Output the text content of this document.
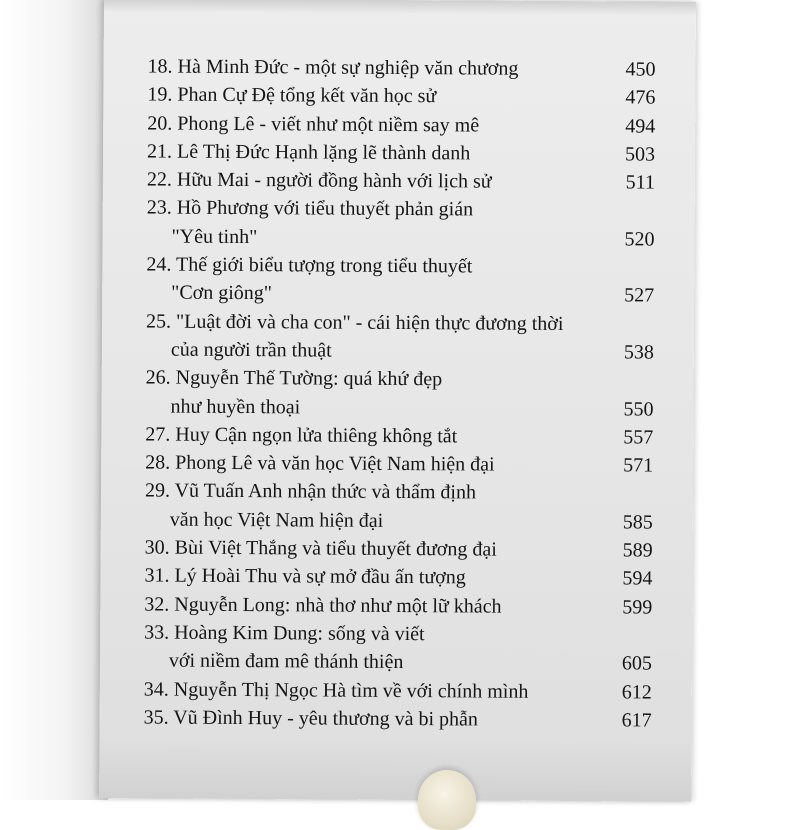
18. Hà Minh Đức - một sự nghiệp văn chương	450
19. Phan Cự Đệ tổng kết văn học sử	476
20. Phong Lê - viết như một niềm say mê	494
21. Lê Thị Đức Hạnh lặng lẽ thành danh	503
22. Hữu Mai - người đồng hành với lịch sử	511
23. Hồ Phương với tiểu thuyết phản gián
"Yêu tinh"	520
24. Thế giới biểu tượng trong tiểu thuyết
"Cơn giông"	527
25. "Luật đời và cha con" - cái hiện thực đương thời
của người trần thuật	538
26. Nguyễn Thế Tường: quá khứ đẹp
như huyền thoại	550
27. Huy Cận ngọn lửa thiêng không tắt	557
28. Phong Lê và văn học Việt Nam hiện đại	571
29. Vũ Tuấn Anh nhận thức và thẩm định
văn học Việt Nam hiện đại	585
30. Bùi Việt Thắng và tiểu thuyết đương đại	589
31. Lý Hoài Thu và sự mở đầu ấn tượng	594
32. Nguyễn Long: nhà thơ như một lữ khách	599
33. Hoàng Kim Dung: sống và viết
với niềm đam mê thánh thiện	605
34. Nguyễn Thị Ngọc Hà tìm về với chính mình	612
35. Vũ Đình Huy - yêu thương và bi phẫn	617
